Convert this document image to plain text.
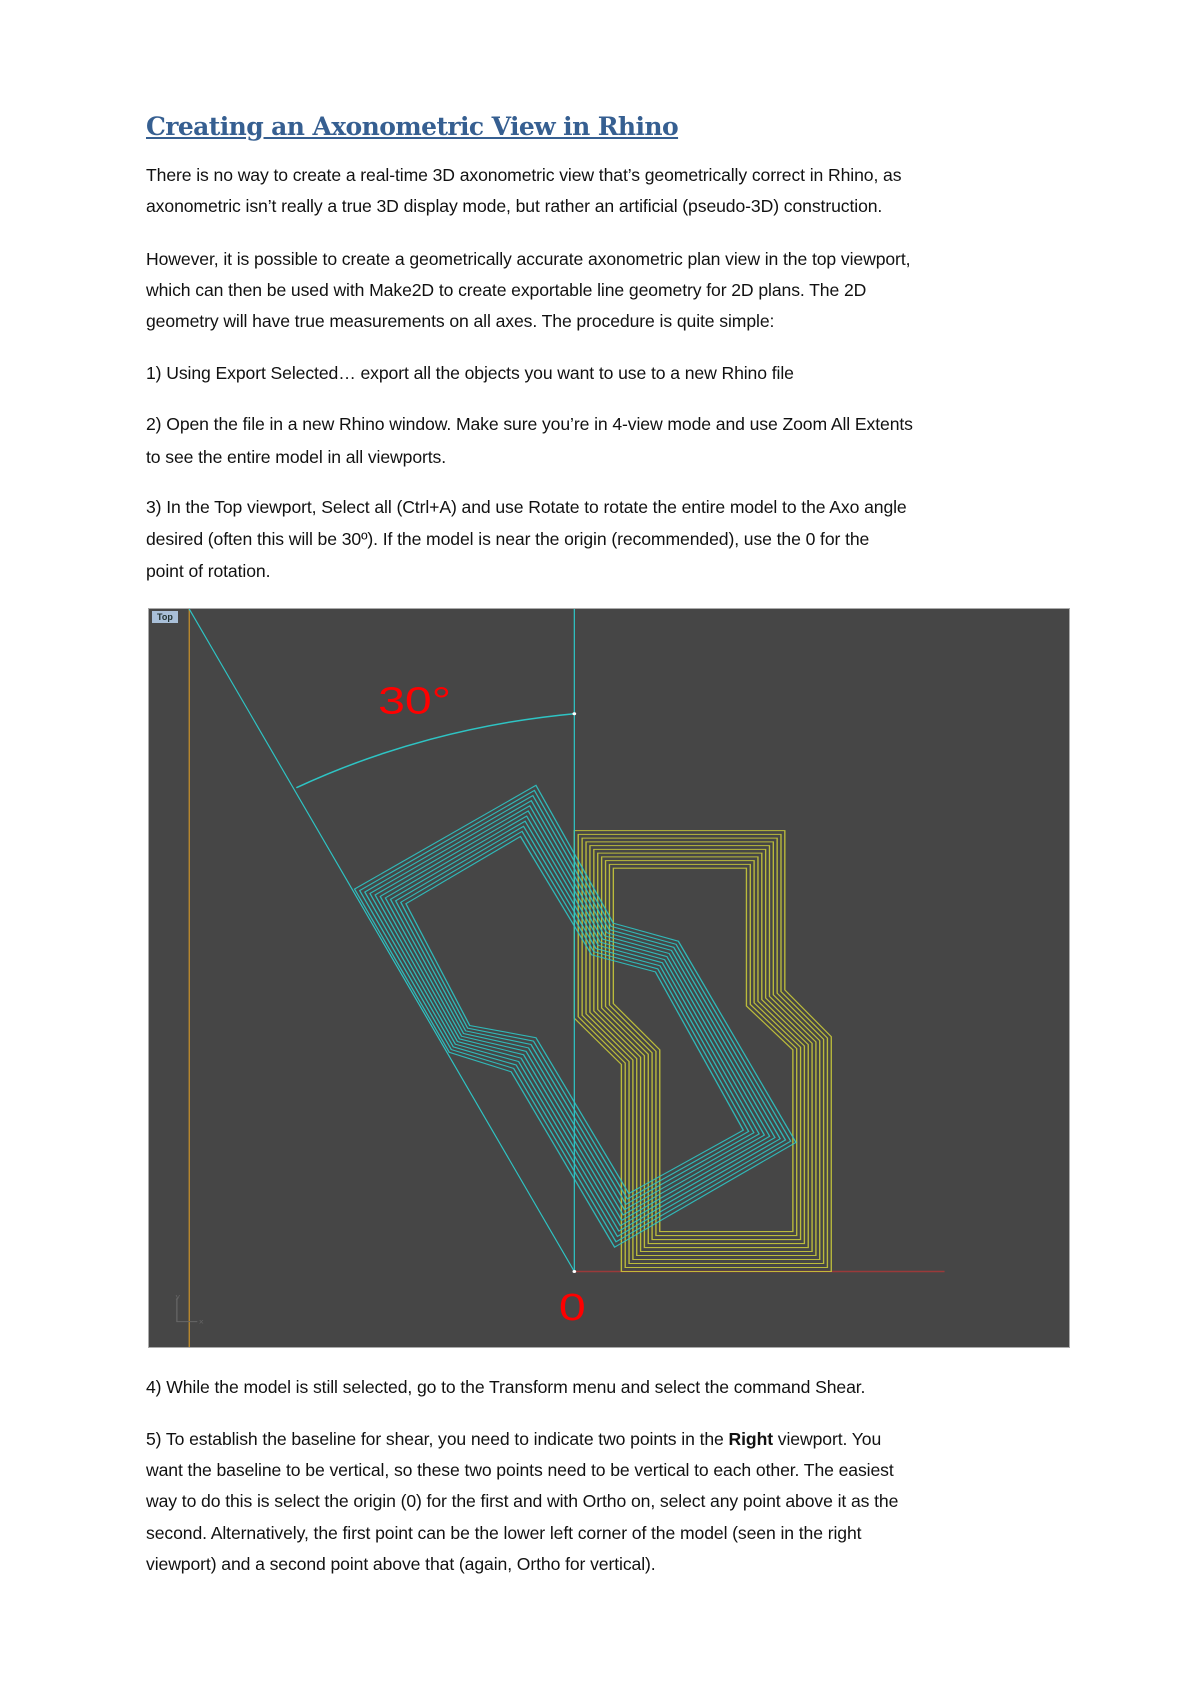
Creating an Axonometric View in Rhino
There is no way to create a real-time 3D axonometric view that’s geometrically correct in Rhino, as
axonometric isn’t really a true 3D display mode, but rather an artificial (pseudo-3D) construction.
However, it is possible to create a geometrically accurate axonometric plan view in the top viewport,
which can then be used with Make2D to create exportable line geometry for 2D plans. The 2D
geometry will have true measurements on all axes. The procedure is quite simple:
1) Using Export Selected… export all the objects you want to use to a new Rhino file
2) Open the file in a new Rhino window. Make sure you’re in 4-view mode and use Zoom All Extents
to see the entire model in all viewports.
3) In the Top viewport, Select all (Ctrl+A) and use Rotate to rotate the entire model to the Axo angle
desired (often this will be 30º). If the model is near the origin (recommended), use the 0 for the
point of rotation.
30°
0
y
x
Top
4) While the model is still selected, go to the Transform menu and select the command Shear.
5) To establish the baseline for shear, you need to indicate two points in the Right viewport. You
want the baseline to be vertical, so these two points need to be vertical to each other. The easiest
way to do this is select the origin (0) for the first and with Ortho on, select any point above it as the
second. Alternatively, the first point can be the lower left corner of the model (seen in the right
viewport) and a second point above that (again, Ortho for vertical).
